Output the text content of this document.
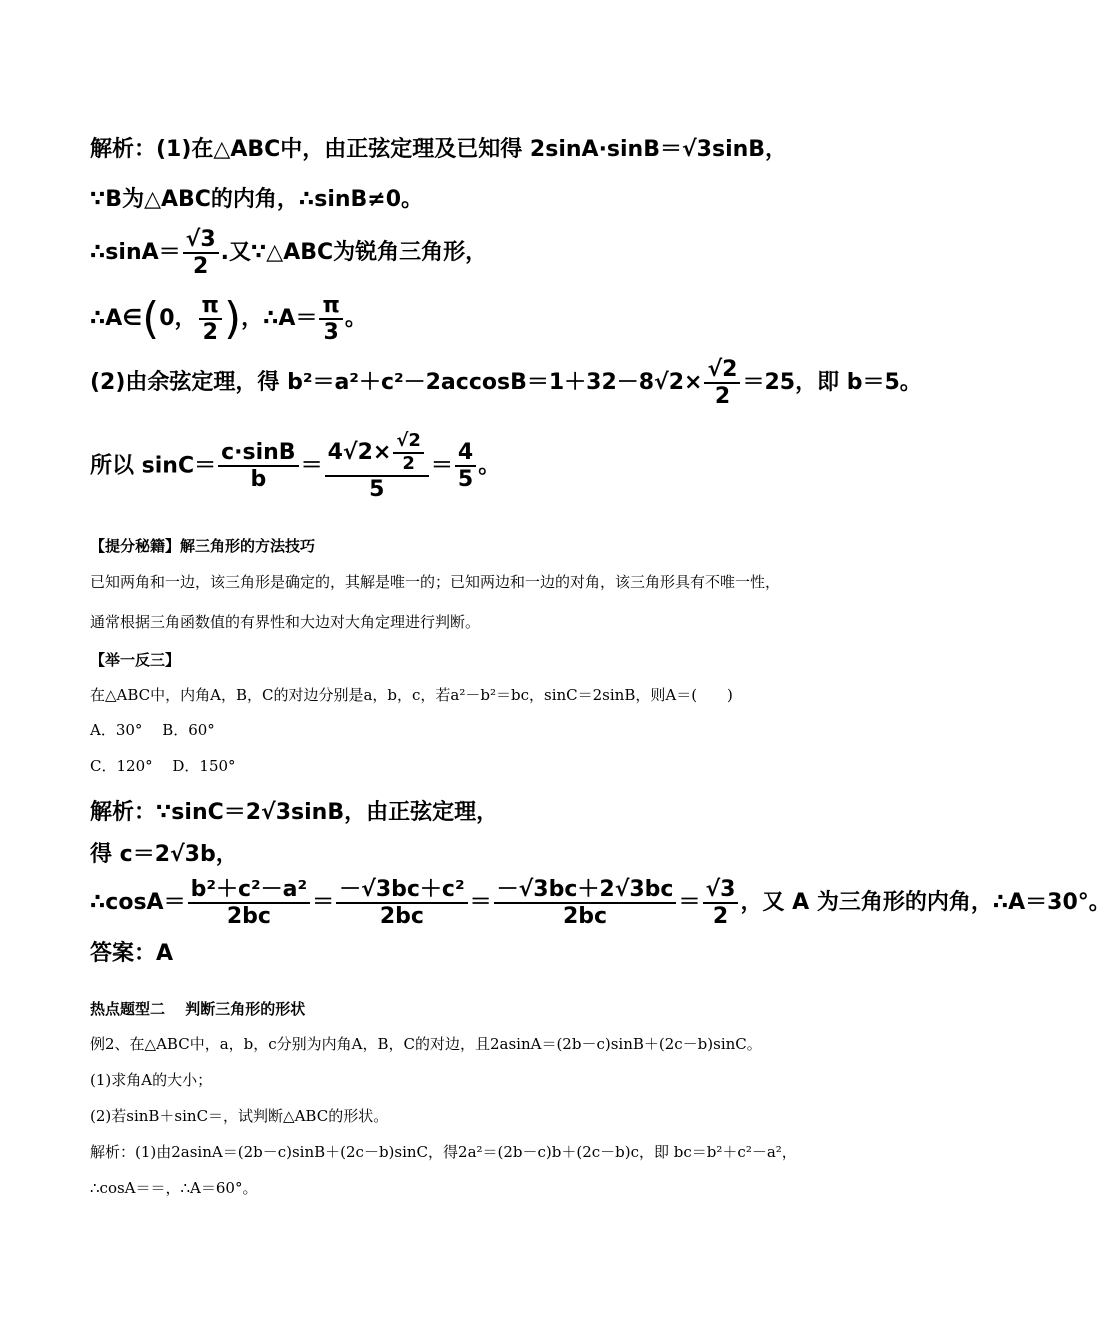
解析：(1)在△ABC中，由正弦定理及已知得 2sinA·sinB＝√3sinB，
∵B为△ABC的内角，∴sinB≠0。
∴sinA＝ $\frac{√3}{2}$ .又∵△ABC为锐角三角形，
∴A∈(0， $\frac{\pi}{2}$ )，∴A＝ $\frac{\pi}{3}$ 。
(2)由余弦定理，得 $b^2=a^2+c^2-2accosB=1+32-8√2\times \frac{√2}{2} =25$，即 b＝5。
所以 $\sin C= \frac{c\cdot\sin B}{b} = \frac{4√2\times \frac{√2}{2}}{5} = \frac{4}{5}$ 。
【提分秘籍】解三角形的方法技巧
已知两角和一边，该三角形是确定的，其解是唯一的；已知两边和一边的对角，该三角形具有不唯一性，
通常根据三角函数值的有界性和大边对大角定理进行判断。
【举一反三】
在△ABC中，内角A，B，C的对边分别是a，b，c，若a²－b²＝bc，sinC＝2sinB，则A＝(　　)
A．30°　 B．60°
C．120°　 D．150°
解析：∵sinC＝2√3sinB，由正弦定理，
得 c＝2√3b，
∴cosA＝ $\frac{\text{b²＋c²－a²}}{2bc} = \frac{\text{－√3bc＋c²}}{2bc} = \frac{-√3bc+2√3bc}{2bc} = \frac{√3}{2}$ ，又 A 为三角形的内角，∴A＝30°。
答案：A
热点题型二　 判断三角形的形状
例2、在△ABC中，a，b，c分别为内角A，B，C的对边，且2asinA＝(2b－c)sinB＋(2c－b)sinC。
(1)求角A的大小；
(2)若sinB＋sinC＝，试判断△ABC的形状。
解析：(1)由2asinA＝(2b－c)sinB＋(2c－b)sinC，得2a²＝(2b－c)b＋(2c－b)c，即 bc＝b²＋c²－a²，
∴cosA＝＝，∴A＝60°。
